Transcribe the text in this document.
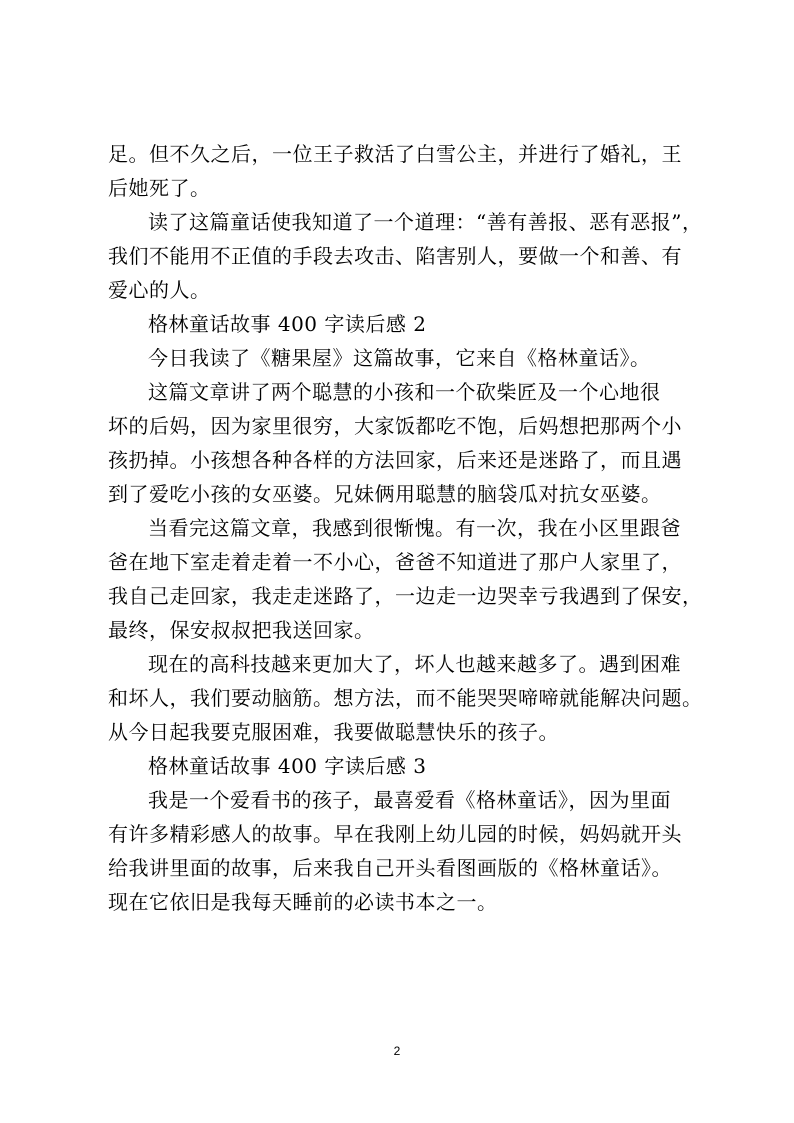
足。但不久之后，一位王子救活了白雪公主，并进行了婚礼，王
后她死了。
读了这篇童话使我知道了一个道理：“善有善报、恶有恶报”，
我们不能用不正值的手段去攻击、陷害别人，要做一个和善、有
爱心的人。
格林童话故事 400 字读后感 2
今日我读了《糖果屋》这篇故事，它来自《格林童话》。
这篇文章讲了两个聪慧的小孩和一个砍柴匠及一个心地很
坏的后妈，因为家里很穷，大家饭都吃不饱，后妈想把那两个小
孩扔掉。小孩想各种各样的方法回家，后来还是迷路了，而且遇
到了爱吃小孩的女巫婆。兄妹俩用聪慧的脑袋瓜对抗女巫婆。
当看完这篇文章，我感到很惭愧。有一次，我在小区里跟爸
爸在地下室走着走着一不小心，爸爸不知道进了那户人家里了，
我自己走回家，我走走迷路了，一边走一边哭幸亏我遇到了保安，
最终，保安叔叔把我送回家。
现在的高科技越来更加大了，坏人也越来越多了。遇到困难
和坏人，我们要动脑筋。想方法，而不能哭哭啼啼就能解决问题。
从今日起我要克服困难，我要做聪慧快乐的孩子。
格林童话故事 400 字读后感 3
我是一个爱看书的孩子，最喜爱看《格林童话》，因为里面
有许多精彩感人的故事。早在我刚上幼儿园的时候，妈妈就开头
给我讲里面的故事，后来我自己开头看图画版的《格林童话》。
现在它依旧是我每天睡前的必读书本之一。
2
